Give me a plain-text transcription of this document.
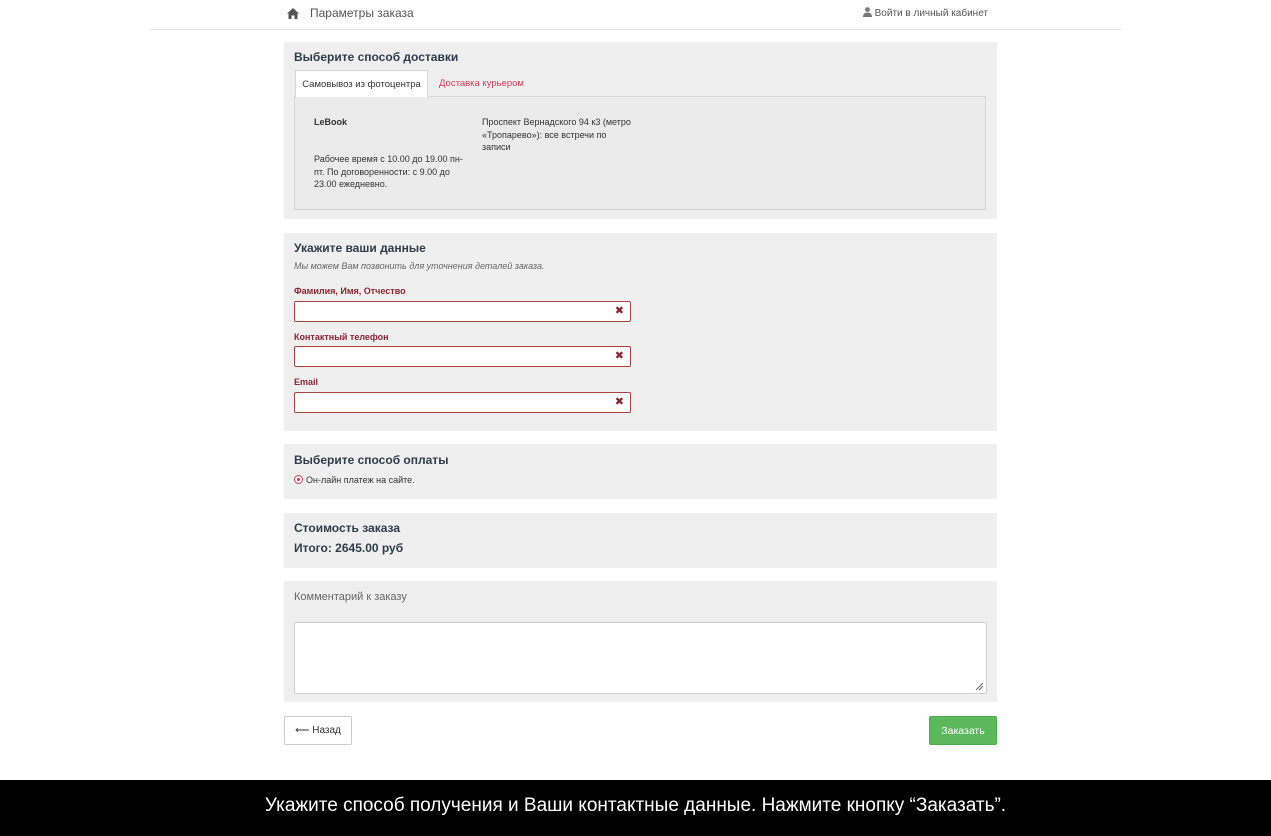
Параметры заказа	Войти в личный кабинет
Выберите способ доставки
Самовывоз из фотоцентра	Доставка курьером
LeBook	Проспект Вернадского 94 к3 (метро «Тропарево»): все встречи по записи
Рабочее время с 10.00 до 19.00 пн-пт. По договоренности: с 9.00 до 23.00 ежедневно.
Укажите ваши данные
Мы можем Вам позвонить для уточнения деталей заказа.
Фамилия, Имя, Отчество
✖
Контактный телефон
✖
Email
✖
Выберите способ оплаты
Он-лайн платеж на сайте.
Стоимость заказа
Итого: 2645.00 руб
Комментарий к заказу
⟵ Назад	Заказать
Укажите способ получения и Ваши контактные данные. Нажмите кнопку “Заказать”.
